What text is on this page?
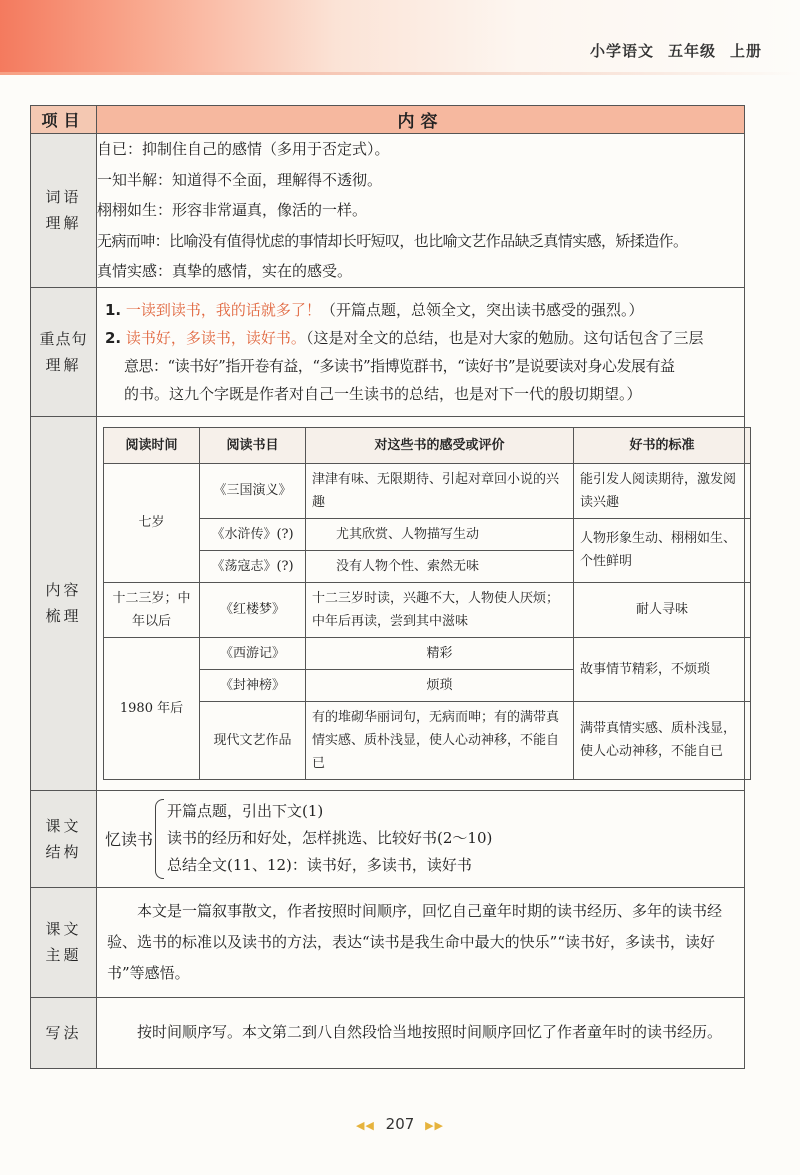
小学语文 五年级 上册
项目	内容

词语
理解

自已：抑制住自己的感情（多用于否定式）。
一知半解：知道得不全面，理解得不透彻。
栩栩如生：形容非常逼真，像活的一样。
无病而呻：比喻没有值得忧虑的事情却长吁短叹，也比喻文艺作品缺乏真情实感，矫揉造作。
真情实感：真挚的感情，实在的感受。

重点句
理解

1. 一读到读书，我的话就多了！（开篇点题，总领全文，突出读书感受的强烈。）
2. 读书好，多读书，读好书。（这是对全文的总结，也是对大家的勉励。这句话包含了三层
意思：“读书好”指开卷有益，“多读书”指博览群书，“读好书”是说要读对身心发展有益
的书。这九个字既是作者对自己一生读书的总结，也是对下一代的殷切期望。）

内容
梳理

阅读时间	阅读书目	对这些书的感受或评价	好书的标准
七岁	《三国演义》	津津有味、无限期待、引起对章回小说的兴趣	能引发人阅读期待，激发阅读兴趣
《水浒传》(?)	尤其欣赏、人物描写生动	人物形象生动、栩栩如生、个性鲜明
《荡寇志》(?)	没有人物个性、索然无味
十二三岁；中年以后	《红楼梦》	十二三岁时读，兴趣不大，人物使人厌烦；中年后再读，尝到其中滋味	耐人寻味
1980 年后	《西游记》	精彩	故事情节精彩，不烦琐
《封神榜》	烦琐
现代文艺作品	有的堆砌华丽词句，无病而呻；有的满带真情实感、质朴浅显，使人心动神移，不能自已	满带真情实感、质朴浅显，使人心动神移，不能自已

课文
结构

忆读书
开篇点题，引出下文(1)
读书的经历和好处，怎样挑选、比较好书(2～10)
总结全文(11、12)：读书好，多读书，读好书

课文
主题

本文是一篇叙事散文，作者按照时间顺序，回忆自己童年时期的读书经历、多年的读书经验、选书的标准以及读书的方法，表达“读书是我生命中最大的快乐”“读书好，多读书，读好书”等感悟。

写法	按时间顺序写。本文第二到八自然段恰当地按照时间顺序回忆了作者童年时的读书经历。
◀◀ 207 ▶▶
